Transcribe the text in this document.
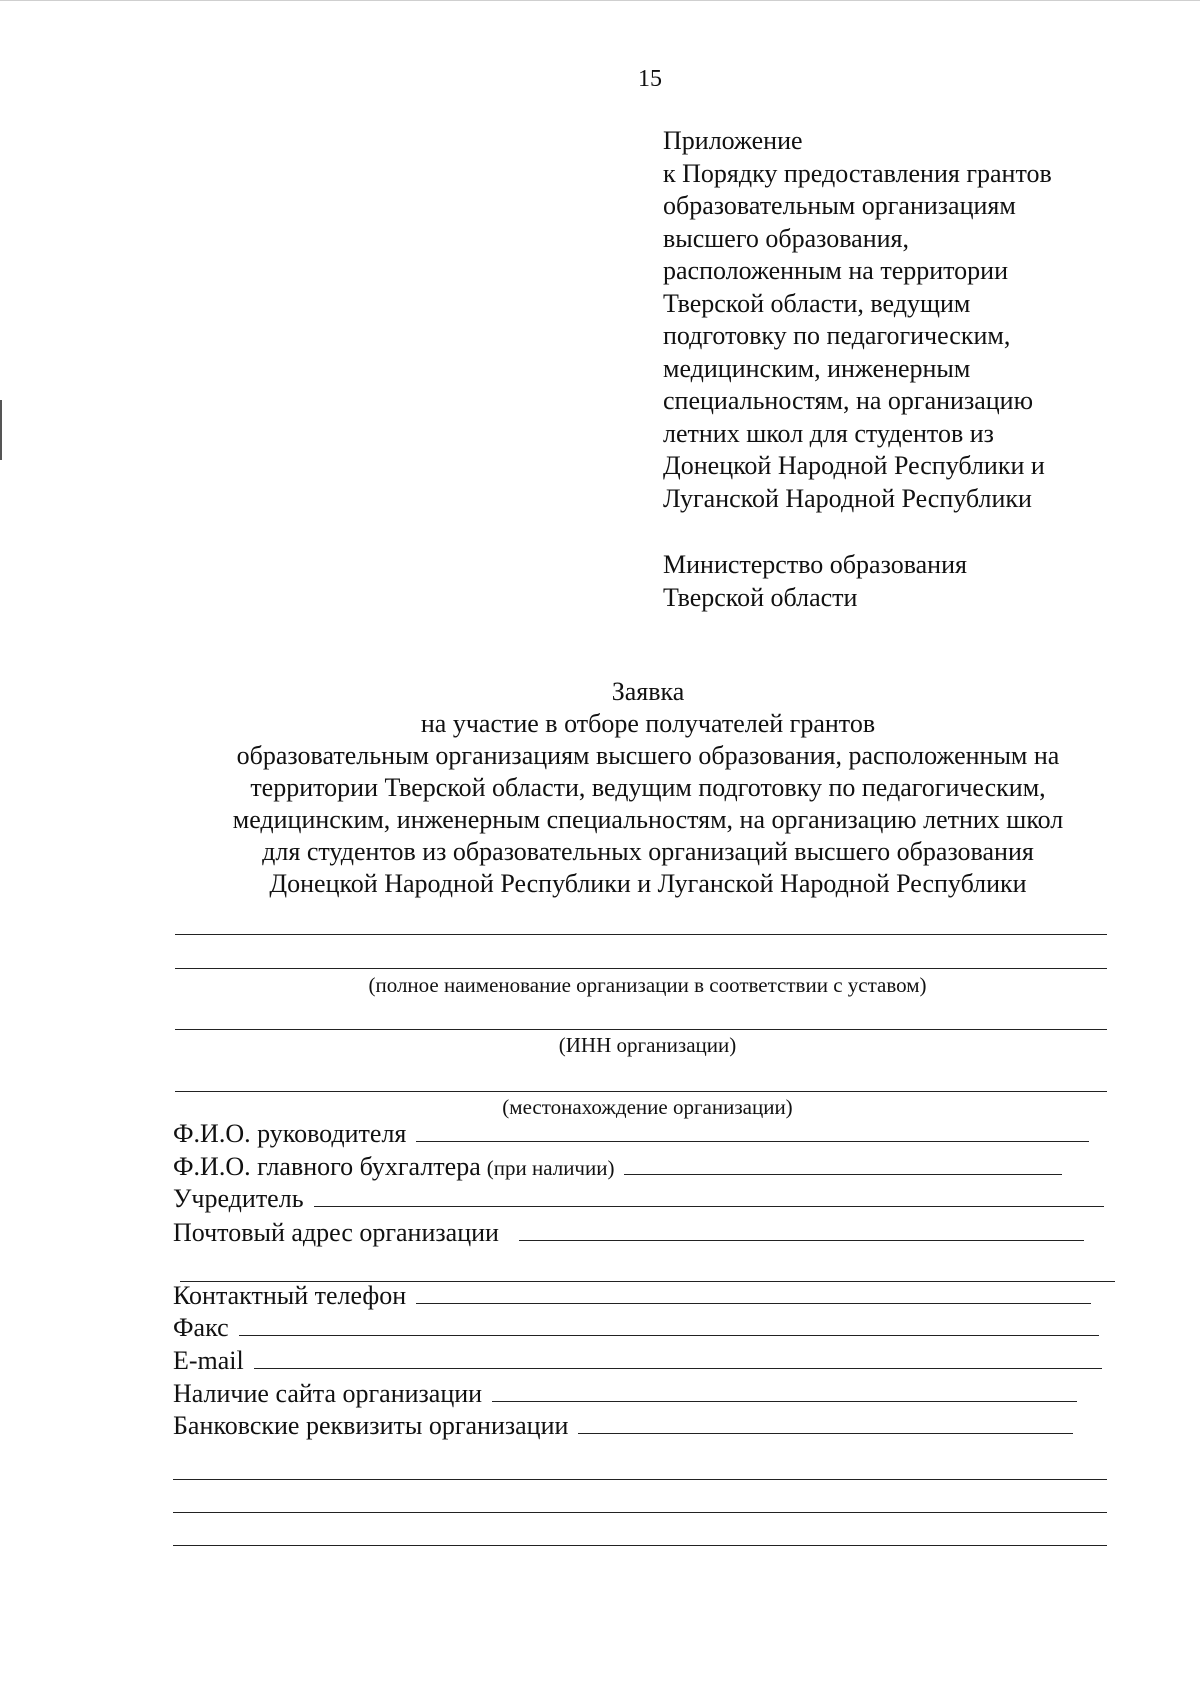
15
Приложение
к Порядку предоставления грантов
образовательным организациям
высшего образования,
расположенным на территории
Тверской области, ведущим
подготовку по педагогическим,
медицинским, инженерным
специальностям, на организацию
летних школ для студентов из
Донецкой Народной Республики и
Луганской Народной Республики
Министерство образования
Тверской области
Заявка
на участие в отборе получателей грантов
образовательным организациям высшего образования, расположенным на
территории Тверской области, ведущим подготовку по педагогическим,
медицинским, инженерным специальностям, на организацию летних школ
для студентов из образовательных организаций высшего образования
Донецкой Народной Республики и Луганской Народной Республики
(полное наименование организации в соответствии с уставом)
(ИНН организации)
(местонахождение организации)
Ф.И.О. руководителя
Ф.И.О. главного бухгалтера (при наличии)
Учредитель
Почтовый адрес организации
Контактный телефон
Факс
E-mail
Наличие сайта организации
Банковские реквизиты организации
